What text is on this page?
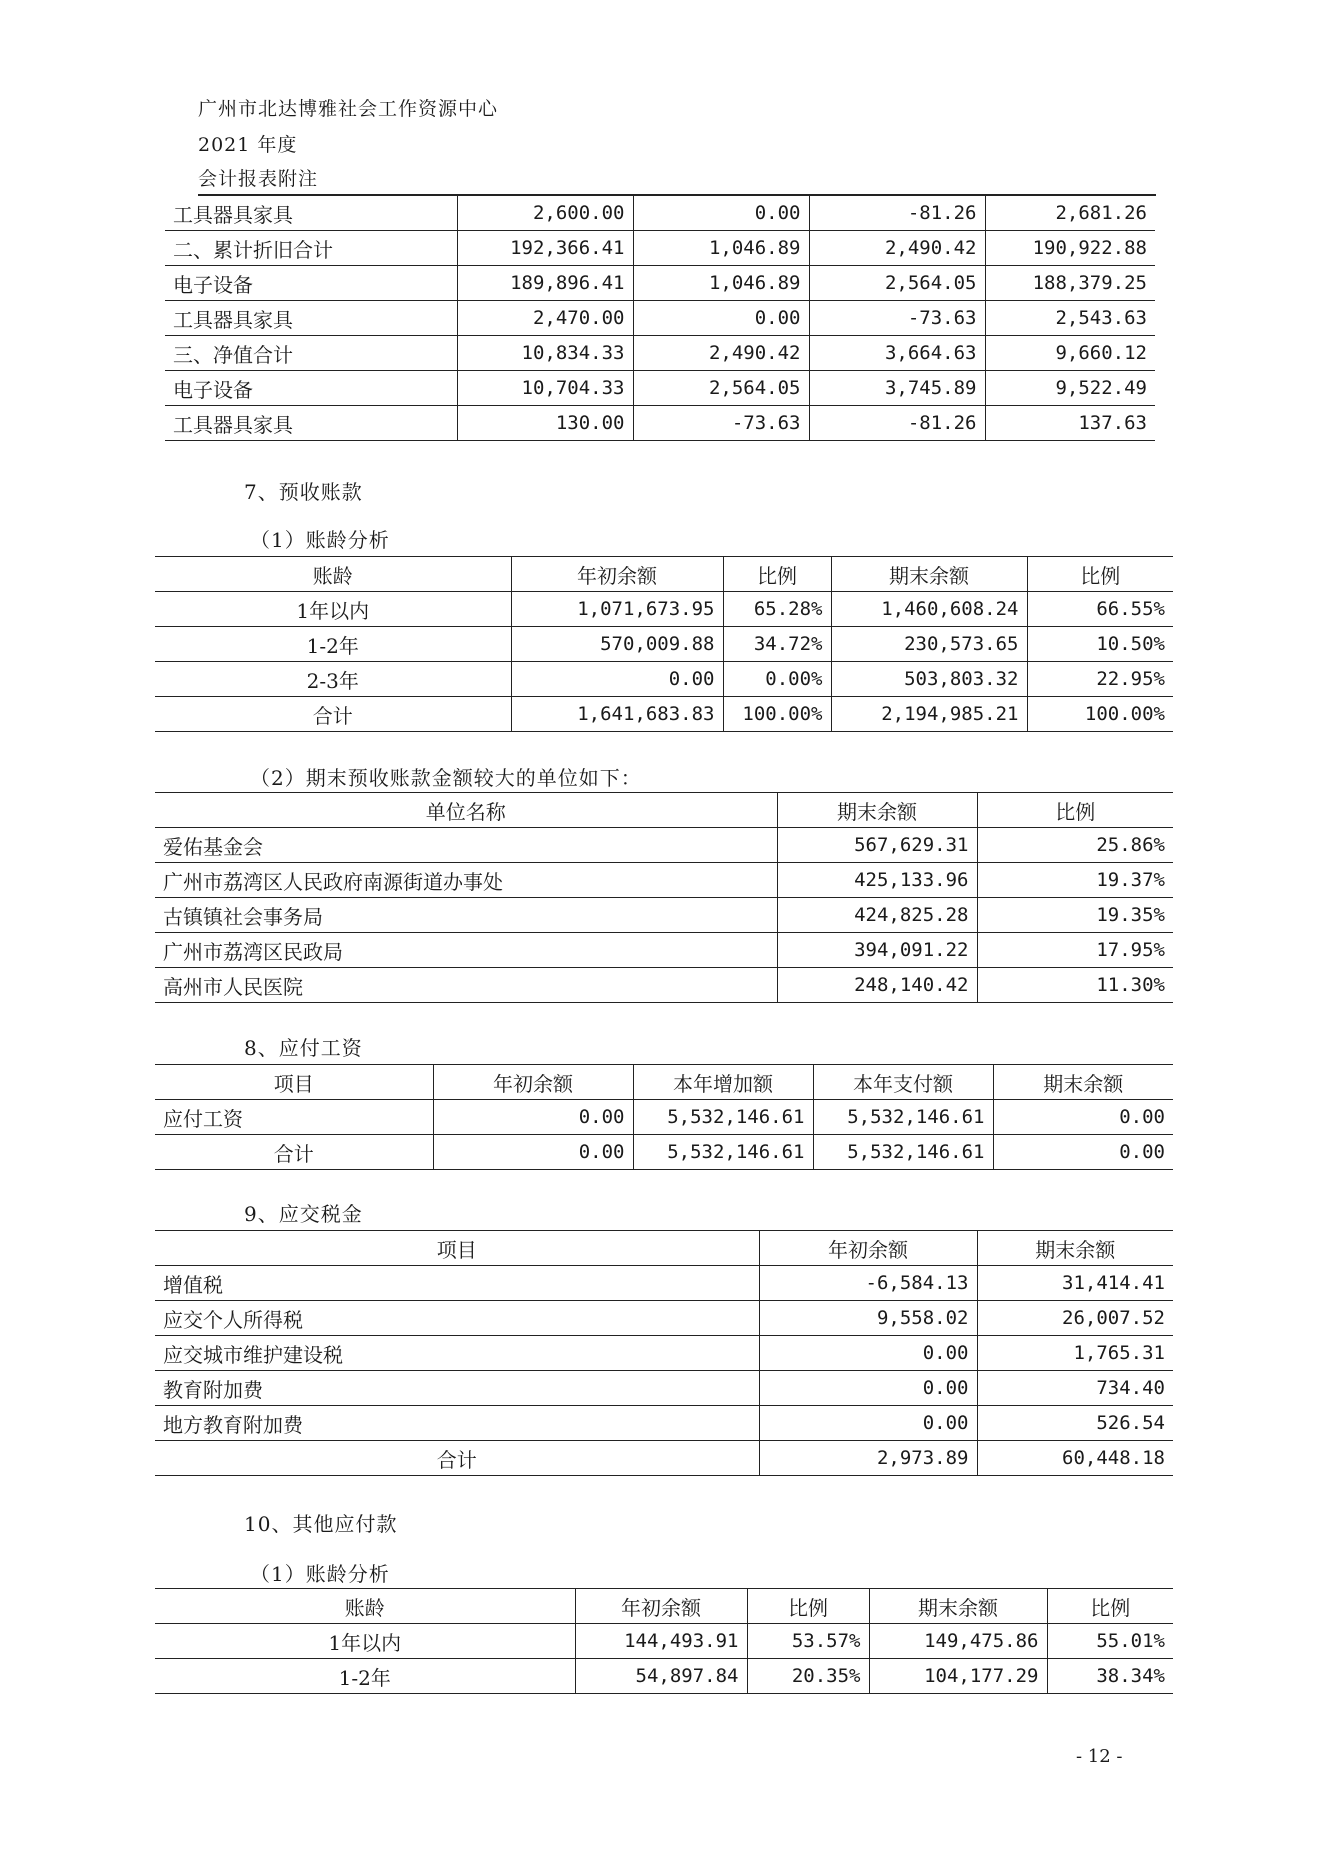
广州市北达博雅社会工作资源中心
2021 年度
会计报表附注
工具器具家具	2,600.00	0.00	-81.26	2,681.26
二、累计折旧合计	192,366.41	1,046.89	2,490.42	190,922.88
电子设备	189,896.41	1,046.89	2,564.05	188,379.25
工具器具家具	2,470.00	0.00	-73.63	2,543.63
三、净值合计	10,834.33	2,490.42	3,664.63	9,660.12
电子设备	10,704.33	2,564.05	3,745.89	9,522.49
工具器具家具	130.00	-73.63	-81.26	137.63
7、预收账款
（1）账龄分析
账龄	年初余额	比例	期末余额	比例
1年以内	1,071,673.95	65.28%	1,460,608.24	66.55%
1-2年	570,009.88	34.72%	230,573.65	10.50%
2-3年	0.00	0.00%	503,803.32	22.95%
合计	1,641,683.83	100.00%	2,194,985.21	100.00%
（2）期末预收账款金额较大的单位如下：
单位名称	期末余额	比例
爱佑基金会	567,629.31	25.86%
广州市荔湾区人民政府南源街道办事处	425,133.96	19.37%
古镇镇社会事务局	424,825.28	19.35%
广州市荔湾区民政局	394,091.22	17.95%
高州市人民医院	248,140.42	11.30%
8、应付工资
项目	年初余额	本年增加额	本年支付额	期末余额
应付工资	0.00	5,532,146.61	5,532,146.61	0.00
合计	0.00	5,532,146.61	5,532,146.61	0.00
9、应交税金
项目	年初余额	期末余额
增值税	-6,584.13	31,414.41
应交个人所得税	9,558.02	26,007.52
应交城市维护建设税	0.00	1,765.31
教育附加费	0.00	734.40
地方教育附加费	0.00	526.54
合计	2,973.89	60,448.18
10、其他应付款
（1）账龄分析
账龄	年初余额	比例	期末余额	比例
1年以内	144,493.91	53.57%	149,475.86	55.01%
1-2年	54,897.84	20.35%	104,177.29	38.34%
- 12 -
